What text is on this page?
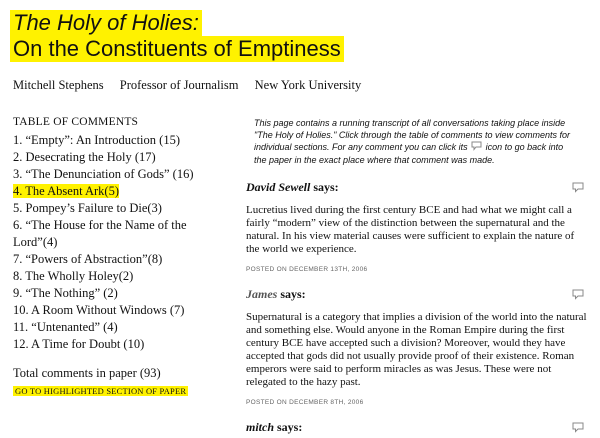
The Holy of Holies:
On the Constituents of Emptiness
Mitchell Stephens Professor of Journalism New York University
TABLE OF COMMENTS
1. “Empty”: An Introduction (15)
2. Desecrating the Holy (17)
3. “The Denunciation of Gods” (16)
4. The Absent Ark(5)
5. Pompey’s Failure to Die(3)
6. “The House for the Name of the Lord”(4)
7. “Powers of Abstraction”(8)
8. The Wholly Holey(2)
9. “The Nothing” (2)
10. A Room Without Windows (7)
11. “Untenanted” (4)
12. A Time for Doubt (10)
Total comments in paper (93)
GO TO HIGHLIGHTED SECTION OF PAPER

This page contains a running transcript of all conversations taking place inside "The Holy of Holies." Click through the table of comments to view comments for individual sections. For any comment you can click its icon to go back into the paper in the exact place where that comment was made.

David Sewell says:
Lucretius lived during the first century BCE and had what we might call a fairly “modern” view of the distinction between the supernatural and the natural. In his view material causes were sufficient to explain the nature of the world we experience.
POSTED ON DECEMBER 13TH, 2006
James says:
Supernatural is a category that implies a division of the world into the natural and something else. Would anyone in the Roman Empire during the first century BCE have accepted such a division? Moreover, would they have accepted that gods did not usually provide proof of their existence. Roman emperors were said to perform miracles as was Jesus. These were not relegated to the hazy past.
POSTED ON DECEMBER 8TH, 2006
mitch says:
